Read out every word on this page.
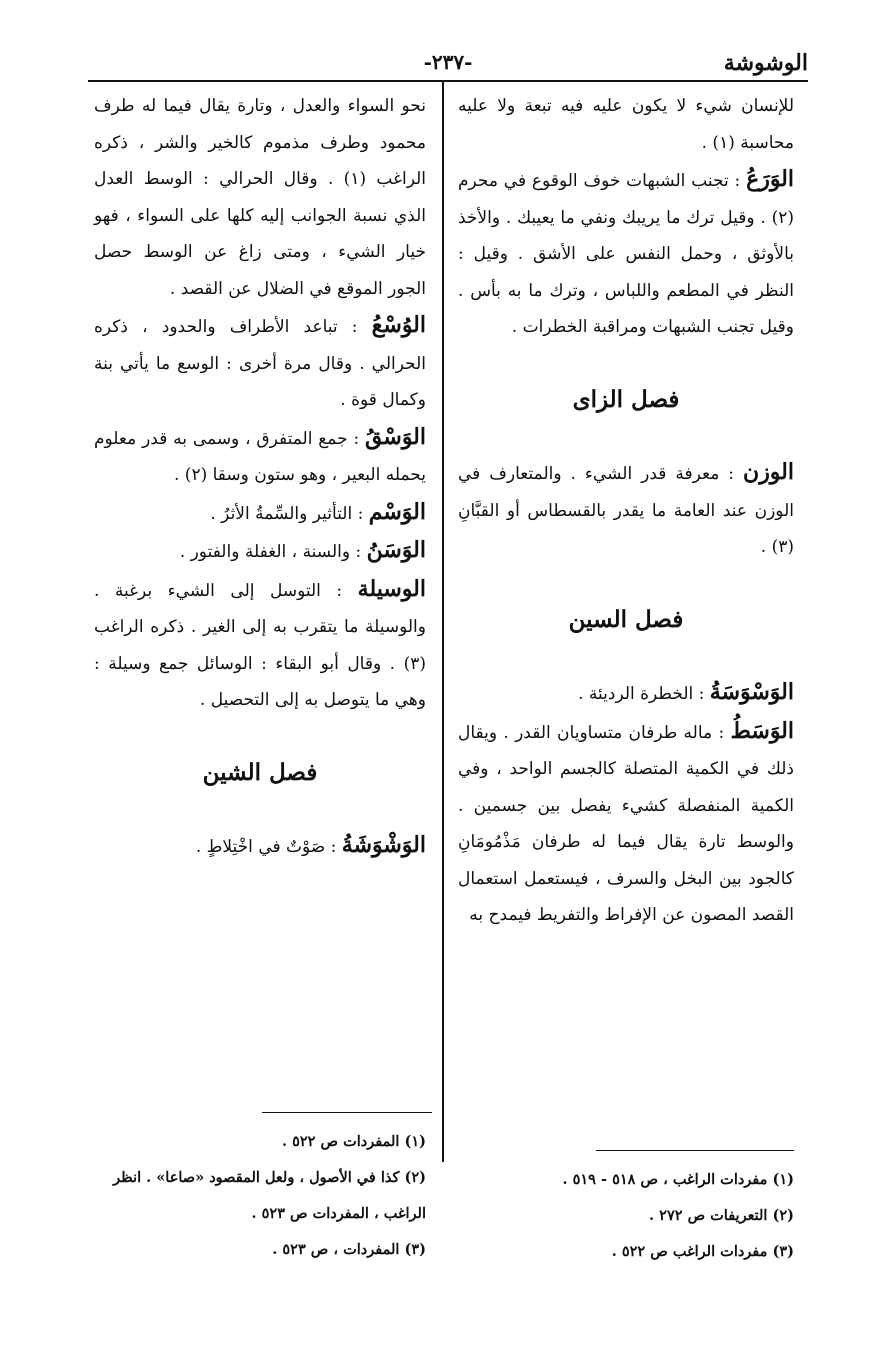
-٢٣٧-	الوشوشة

للإنسان شيء لا يكون عليه فيه تبعة ولا عليه محاسبة (١) .

الوَرَعُ : تجنب الشبهات خوف الوقوع في محرم (٢) . وقيل ترك ما يريبك ونفي ما يعيبك . والأخذ بالأوثق ، وحمل النفس على الأشق . وقيل : النظر في المطعم واللباس ، وترك ما به بأس . وقيل تجنب الشبهات ومراقبة الخطرات .

فصل الزاى

الوزن : معرفة قدر الشيء . والمتعارف في الوزن عند العامة ما يقدر بالقسطاس أو القبَّانِ (٣) .

فصل السين

الوَسْوَسَةُ : الخطرة الرديئة .

الوَسَطُ : ماله طرفان متساويان القدر . ويقال ذلك في الكمية المتصلة كالجسم الواحد ، وفي الكمية المنفصلة كشيء يفصل بين جسمين . والوسط تارة يقال فيما له طرفان مَذْمُومَانِ كالجود بين البخل والسرف ، فيستعمل استعمال القصد المصون عن الإفراط والتفريط فيمدح به

نحو السواء والعدل ، وتارة يقال فيما له طرف محمود وطرف مذموم كالخير والشر ، ذكره الراغب (١) . وقال الحرالي : الوسط العدل الذي نسبة الجوانب إليه كلها على السواء ، فهو خيار الشيء ، ومتى زاغ عن الوسط حصل الجور الموقع في الضلال عن القصد .

الوُسْعُ : تباعد الأطراف والحدود ، ذكره الحرالي . وقال مرة أخرى : الوسع ما يأتي بنة وكمال قوة .

الوَسْقُ : جمع المتفرق ، وسمى به قدر معلوم يحمله البعير ، وهو ستون وسقا (٢) .

الوَسْم : التأثير والسِّمةُ الأثرُ .

الوَسَنُ : والسنة ، الغفلة والفتور .

الوسيلة : التوسل إلى الشيء برغبة . والوسيلة ما يتقرب به إلى الغير . ذكره الراغب (٣) . وقال أبو البقاء : الوسائل جمع وسيلة : وهي ما يتوصل به إلى التحصيل .

فصل الشين

الوَشْوَشَةُ : صَوْتٌ في اخْتِلاطٍ .

(١) مفردات الراغب ، ص ٥١٨ - ٥١٩ .

(٢) التعريفات ص ٢٧٢ .

(٣) مفردات الراغب ص ٥٢٢ .

(١) المفردات ص ٥٢٢ .

(٢) كذا في الأصول ، ولعل المقصود «صاعا» . انظر الراغب ، المفردات ص ٥٢٣ .

(٣) المفردات ، ص ٥٢٣ .
